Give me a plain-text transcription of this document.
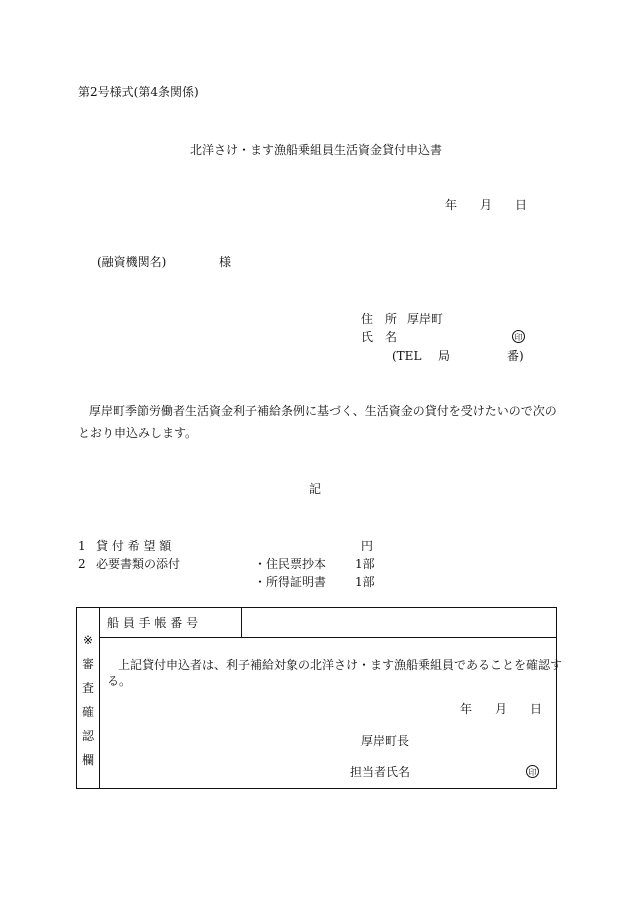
第2号様式(第4条関係)
北洋さけ・ます漁船乗組員生活資金貸付申込書
年 月 日
(融資機関名)	様
住　所 厚岸町
氏　名	印
(TEL 局	番)
厚岸町季節労働者生活資金利子補給条例に基づく、生活資金の貸付を受けたいので次の
とおり申込みします。
記
1 貸 付 希 望 額	円
2 必要書類の添付	・住民票抄本 1部
・所得証明書 1部
※
審
査
確
認
欄
船 員 手 帳 番 号
上記貸付申込者は、利子補給対象の北洋さけ・ます漁船乗組員であることを確認す
る。
年 月 日
厚岸町長
担当者氏名	印
